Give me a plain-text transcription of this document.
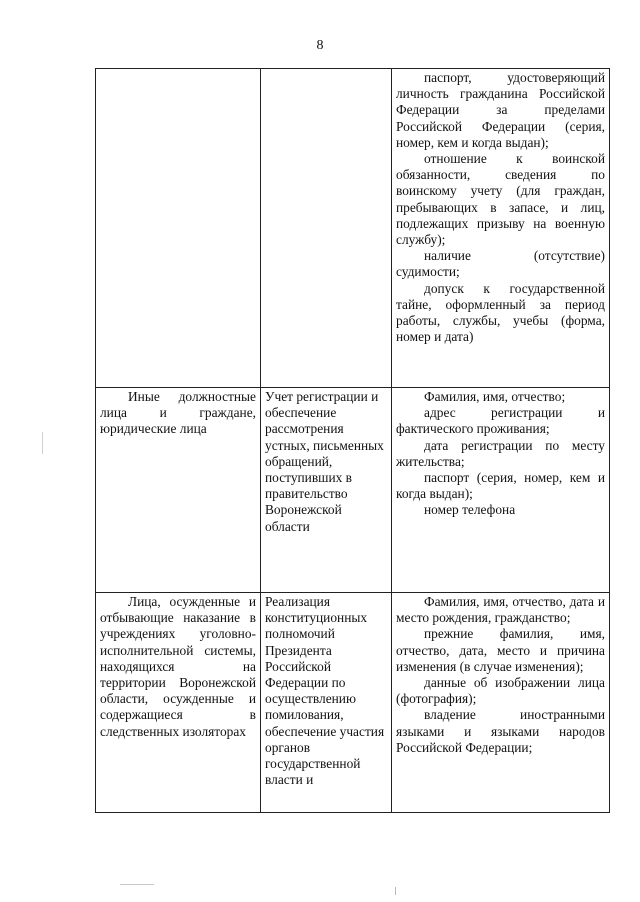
8

		паспорт, удостоверяющий личность гражданина Российской Федерации за пределами Российской Федерации (серия, номер, кем и когда выдан);

отношение к воинской обязанности, сведения по воинскому учету (для граждан, пребывающих в запасе, и лиц, подлежащих призыву на военную службу);

наличие (отсутствие) судимости;

допуск к государственной тайне, оформленный за период работы, службы, учебы (форма, номер и дата)

Иные должностные лица и граждане, юридические лица	Учет регистрации и обеспечение рассмотрения устных, письменных обращений, поступивших в правительство Воронежской области	Фамилия, имя, отчество;

адрес регистрации и фактического проживания;

дата регистрации по месту жительства;

паспорт (серия, номер, кем и когда выдан);

номер телефона

Лица, осужденные и отбывающие наказание в учреждениях уголовно-исполнительной системы, находящихся на территории Воронежской области, осужденные и содержащиеся в следственных изоляторах	Реализация конституционных полномочий Президента Российской Федерации по осуществлению помилования, обеспечение участия органов государственной власти и	Фамилия, имя, отчество, дата и место рождения, гражданство;

прежние фамилия, имя, отчество, дата, место и причина изменения (в случае изменения);

данные об изображении лица (фотография);

владение иностранными языками и языками народов Российской Федерации;
